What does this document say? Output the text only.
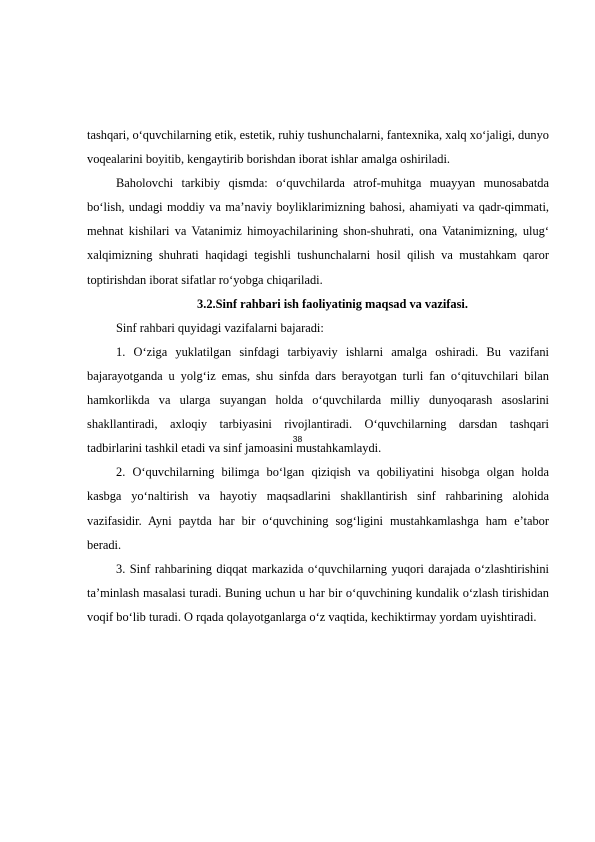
tashqari, o‘quvchilarning etik, estetik, ruhiy tushunchalarni, fantexnika, xalq xo‘jaligi, dunyo voqealarini boyitib, kengaytirib borishdan iborat ishlar amalga oshiriladi.

Baholovchi tarkibiy qismda: o‘quvchilarda atrof-muhitga muayyan munosabatda bo‘lish, undagi moddiy va ma’naviy boyliklarimizning bahosi, ahamiyati va qadr-qimmati, mehnat kishilari va Vatanimiz himoyachilarining shon-shuhrati, ona Vatanimizning, ulug‘ xalqimizning shuhrati haqidagi tegishli tushunchalarni hosil qilish va mustahkam qaror toptirishdan iborat sifatlar ro‘yobga chiqariladi.

3.2.Sinf rahbari ish faoliyatinig maqsad va vazifasi.

Sinf rahbari quyidagi vazifalarni bajaradi:

1. O‘ziga yuklatilgan sinfdagi tarbiyaviy ishlarni amalga oshiradi. Bu vazifani bajarayotganda u yolg‘iz emas, shu sinfda dars berayotgan turli fan o‘qituvchilari bilan hamkorlikda va ularga suyangan holda o‘quvchilarda milliy dunyoqarash asoslarini shakllantiradi, axloqiy tarbiyasini rivojlantiradi. O‘quvchilarning darsdan tashqari tadbirlarini tashkil etadi va sinf jamoasini mustahkamlaydi.

2. O‘quvchilarning bilimga bo‘lgan qiziqish va qobiliyatini hisobga olgan holda kasbga yo‘naltirish va hayotiy maqsadlarini shakllantirish sinf rahbarining alohida vazifasidir. Ayni paytda har bir o‘quvchining sog‘ligini mustahkamlashga ham e’tabor beradi.

3. Sinf rahbarining diqqat markazida o‘quvchilarning yuqori darajada o‘zlashtirishini ta’minlash masalasi turadi. Buning uchun u har bir o‘quvchining kundalik o‘zlash tirishidan voqif bo‘lib turadi. O rqada qolayotganlarga o‘z vaqtida, kechiktirmay yordam uyishtiradi.

38
